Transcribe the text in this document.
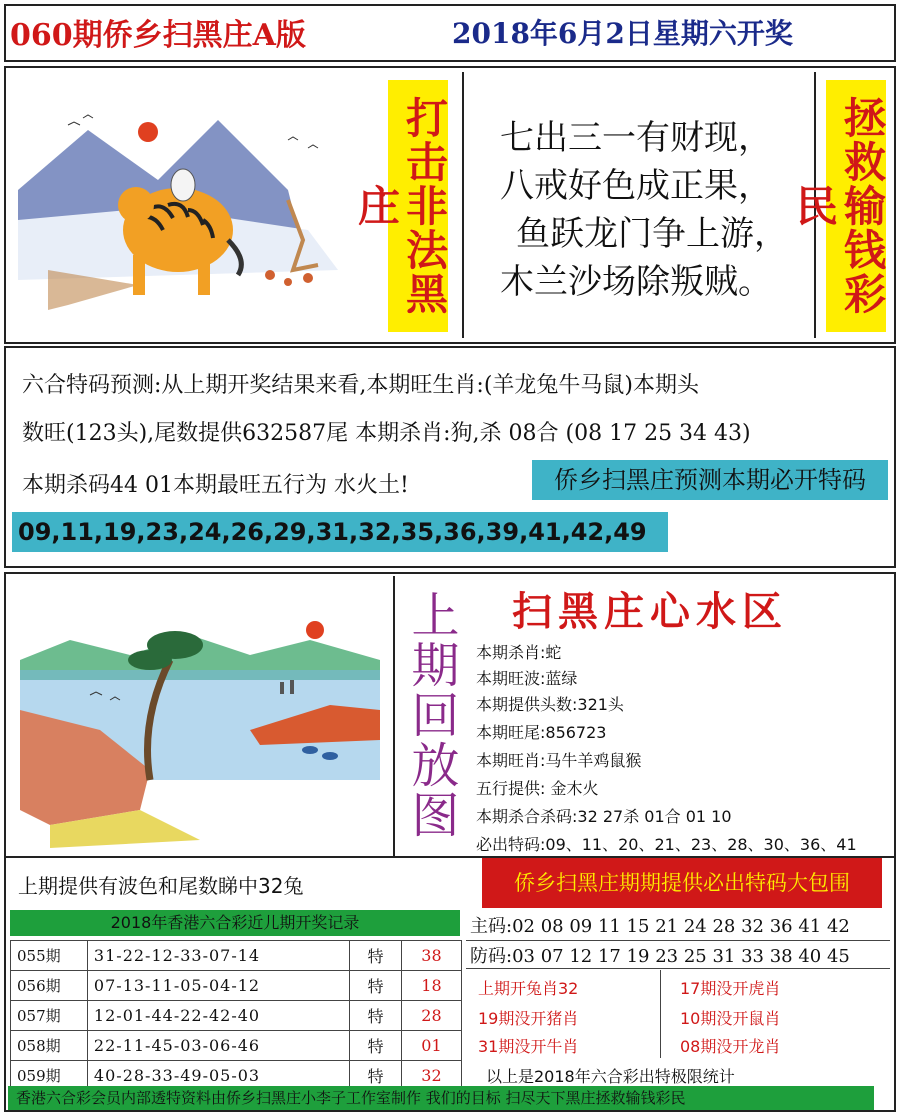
060期侨乡扫黑庄A版	2018年6月2日星期六开奖
打击非法黑庄
七出三一有财现，
八戒好色成正果，
鱼跃龙门争上游，
木兰沙场除叛贼。 拯救输钱彩民
六合特码预测:从上期开奖结果来看,本期旺生肖:(羊龙兔牛马鼠)本期头
数旺(123头),尾数提供632587尾 本期杀肖:狗,杀 08合 (08 17 25 34 43)
本期杀码44 01本期最旺五行为 水火土!	侨乡扫黑庄预测本期必开特码
09,11,19,23,24,26,29,31,32,35,36,39,41,42,49
上期回放图 扫黑庄心水区
本期杀肖:蛇
本期旺波:蓝绿
本期提供头数:321头
本期旺尾:856723
本期旺肖:马牛羊鸡鼠猴
五行提供: 金木火
本期杀合杀码:32 27杀 01合 01 10
必出特码:09、11、20、21、23、28、30、36、41
上期提供有波色和尾数睇中32兔	侨乡扫黑庄期期提供必出特码大包围
2018年香港六合彩近儿期开奖记录
055期	31-22-12-33-07-14	特	38
056期	07-13-11-05-04-12	特	18
057期	12-01-44-22-42-40	特	28
058期	22-11-45-03-06-46	特	01
059期	40-28-33-49-05-03	特	32
主码:02 08 09 11 15 21 24 28 32 36 41 42
防码:03 07 12 17 19 23 25 31 33 38 40 45
上期开兔肖32
19期没开猪肖
31期没开牛肖
17期没开虎肖
10期没开鼠肖
08期没开龙肖
以上是2018年六合彩出特极限统计
香港六合彩会员内部透特资料由侨乡扫黑庄小李子工作室制作 我们的目标 扫尽天下黑庄拯救输钱彩民
